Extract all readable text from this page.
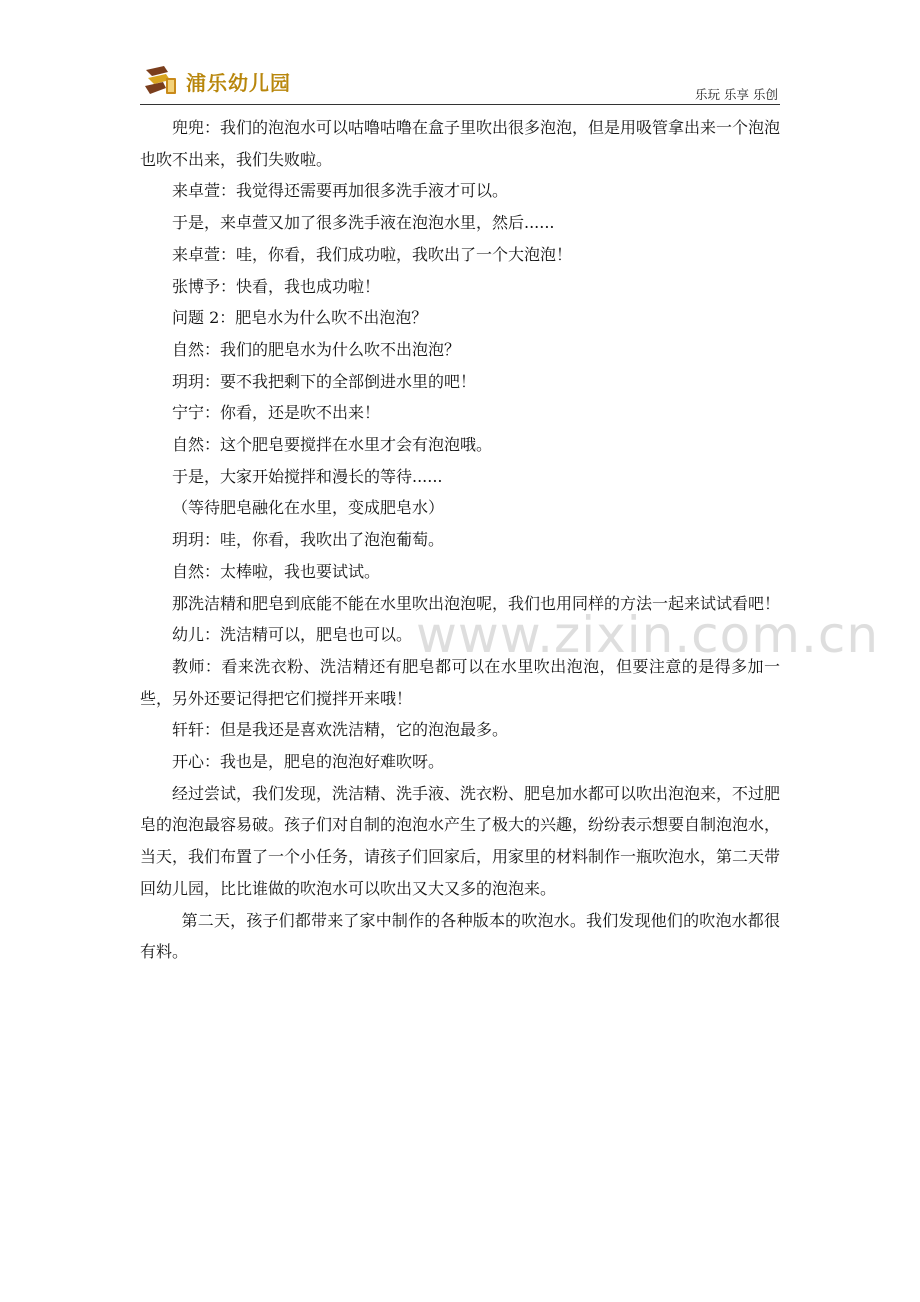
浦乐幼儿园	乐玩 乐享 乐创
www.zixin.com.cn

兜兜：我们的泡泡水可以咕噜咕噜在盒子里吹出很多泡泡，但是用吸管拿出来一个泡泡也吹不出来，我们失败啦。

来卓萱：我觉得还需要再加很多洗手液才可以。

于是，来卓萱又加了很多洗手液在泡泡水里，然后......

来卓萱：哇，你看，我们成功啦，我吹出了一个大泡泡！

张博予：快看，我也成功啦！

问题 2：肥皂水为什么吹不出泡泡？

自然：我们的肥皂水为什么吹不出泡泡？

玥玥：要不我把剩下的全部倒进水里的吧！

宁宁：你看，还是吹不出来！

自然：这个肥皂要搅拌在水里才会有泡泡哦。

于是，大家开始搅拌和漫长的等待......

（等待肥皂融化在水里，变成肥皂水）

玥玥：哇，你看，我吹出了泡泡葡萄。

自然：太棒啦，我也要试试。

那洗洁精和肥皂到底能不能在水里吹出泡泡呢，我们也用同样的方法一起来试试看吧！

幼儿：洗洁精可以，肥皂也可以。

教师：看来洗衣粉、洗洁精还有肥皂都可以在水里吹出泡泡，但要注意的是得多加一些，另外还要记得把它们搅拌开来哦！

轩轩：但是我还是喜欢洗洁精，它的泡泡最多。

开心：我也是，肥皂的泡泡好难吹呀。

经过尝试，我们发现，洗洁精、洗手液、洗衣粉、肥皂加水都可以吹出泡泡来，不过肥皂的泡泡最容易破。孩子们对自制的泡泡水产生了极大的兴趣，纷纷表示想要自制泡泡水，当天，我们布置了一个小任务，请孩子们回家后，用家里的材料制作一瓶吹泡水，第二天带回幼儿园，比比谁做的吹泡水可以吹出又大又多的泡泡来。

第二天，孩子们都带来了家中制作的各种版本的吹泡水。我们发现他们的吹泡水都很有料。
